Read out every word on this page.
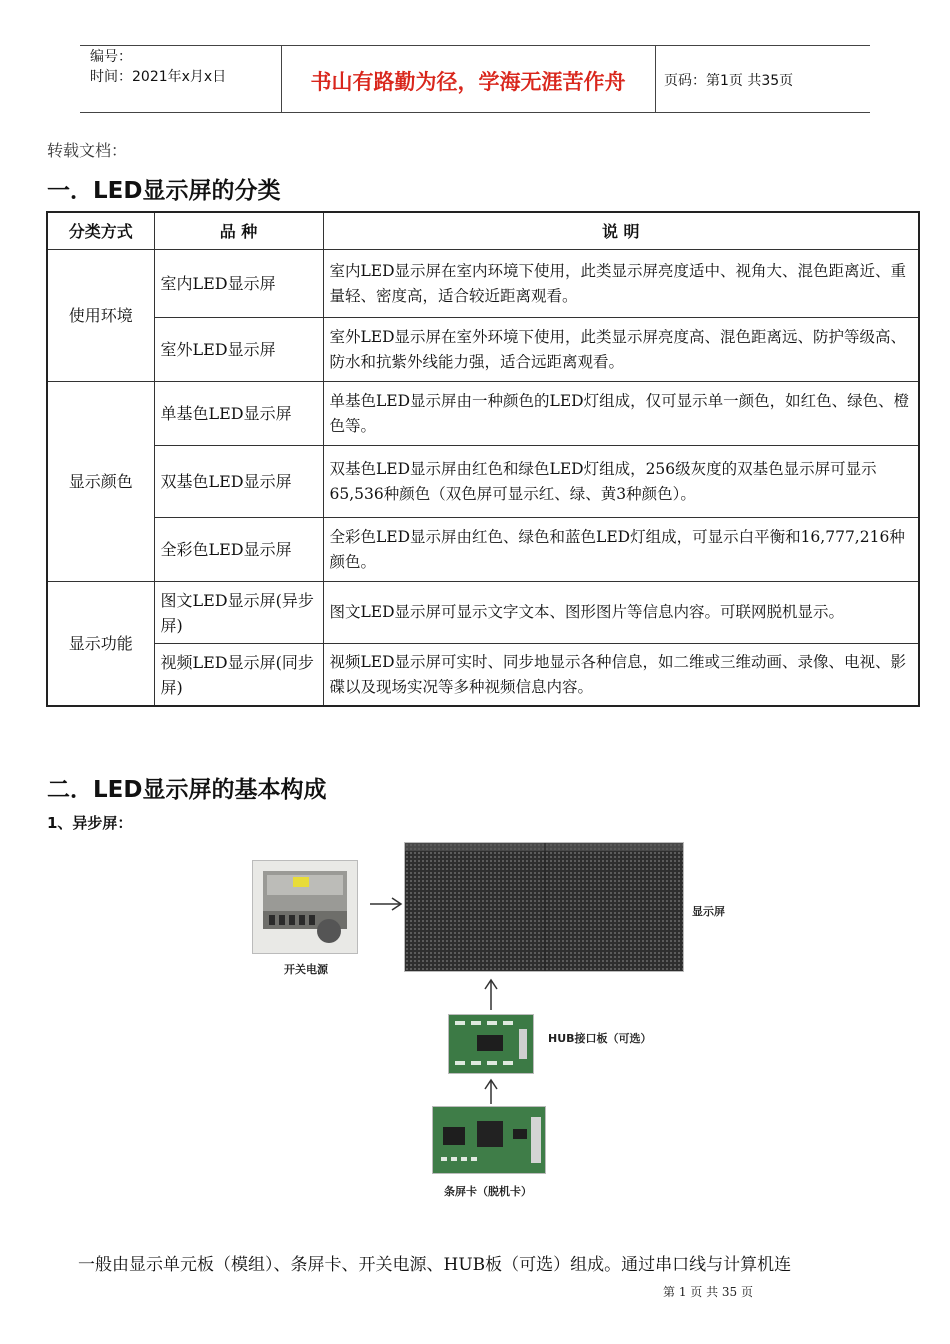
编号：
时间：2021年x月x日	书山有路勤为径，学海无涯苦作舟	页码：第1页 共35页
转载文档：
一．LED显示屏的分类
分类方式	品 种	说 明
使用环境	室内LED显示屏	室内LED显示屏在室内环境下使用，此类显示屏亮度适中、视角大、混色距离近、重量轻、密度高，适合较近距离观看。
	室外LED显示屏	室外LED显示屏在室外环境下使用，此类显示屏亮度高、混色距离远、防护等级高、防水和抗紫外线能力强，适合远距离观看。
显示颜色	单基色LED显示屏	单基色LED显示屏由一种颜色的LED灯组成，仅可显示单一颜色，如红色、绿色、橙色等。
	双基色LED显示屏	双基色LED显示屏由红色和绿色LED灯组成，256级灰度的双基色显示屏可显示65,536种颜色（双色屏可显示红、绿、黄3种颜色）。
	全彩色LED显示屏	全彩色LED显示屏由红色、绿色和蓝色LED灯组成，可显示白平衡和16,777,216种颜色。
显示功能	图文LED显示屏(异步屏)	图文LED显示屏可显示文字文本、图形图片等信息内容。可联网脱机显示。
	视频LED显示屏(同步屏)	视频LED显示屏可实时、同步地显示各种信息，如二维或三维动画、录像、电视、影碟以及现场实况等多种视频信息内容。
二．LED显示屏的基本构成
1、异步屏：
开关电源
显示屏
HUB接口板（可选）
条屏卡（脱机卡）
一般由显示单元板（模组）、条屏卡、开关电源、HUB板（可选）组成。通过串口线与计算机连
第 1 页 共 35 页
